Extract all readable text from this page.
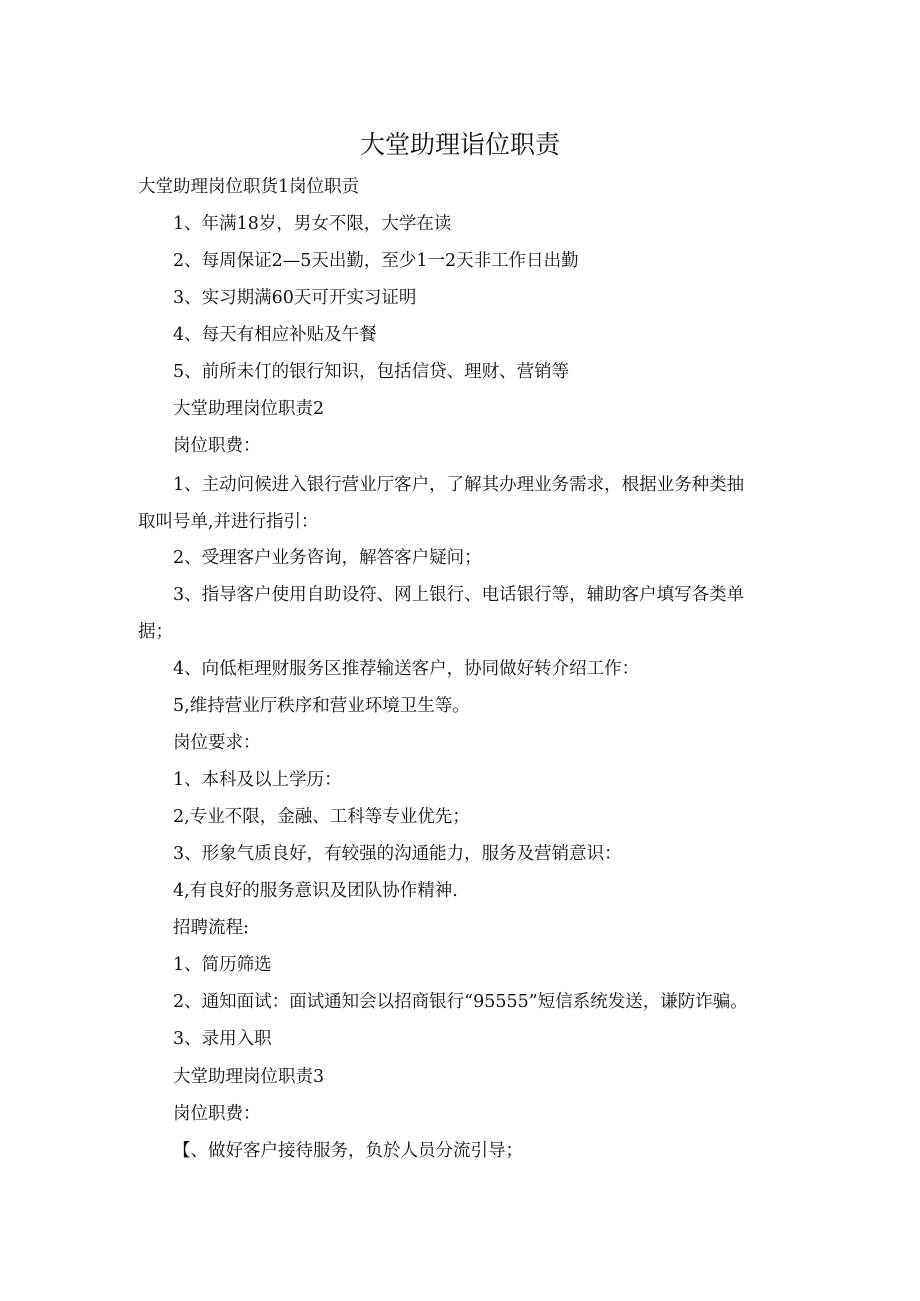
大堂助理诣位职责

大堂助理岗位职货1岗位职贡

1、年满18岁，男女不限，大学在读

2、每周保证2—5天出勤，至少1一2天非工作日出勤

3、实习期满60天可开实习证明

4、每天有相应补贴及午餐

5、前所未仃的银行知识，包括信贷、理财、营销等

大堂助理岗位职责2

岗位职费：

1、主动问候进入银行营业厅客户，了解其办理业务需求，根据业务种类抽

取叫号单,并进行指引：

2、受理客户业务咨询，解答客户疑问；

3、指导客户使用自助设符、网上银行、电话银行等，辅助客户填写各类单

据；

4、向低柜理财服务区推荐输送客户，协同做好转介绍工作：

5,维持营业厅秩序和营业环境卫生等。

岗位要求：

1、本科及以上学历：

2,专业不限，金融、工科等专业优先；

3、形象气质良好，有较强的沟通能力，服务及营销意识：

4,有良好的服务意识及团队协作精神.

招聘流程:

1、简历筛选

2、通知面试：面试通知会以招商银行“95555”短信系统发送，谦防诈骗。

3、录用入职

大堂助理岗位职责3

岗位职费：

【、做好客户接待服务，负於人员分流引导；
